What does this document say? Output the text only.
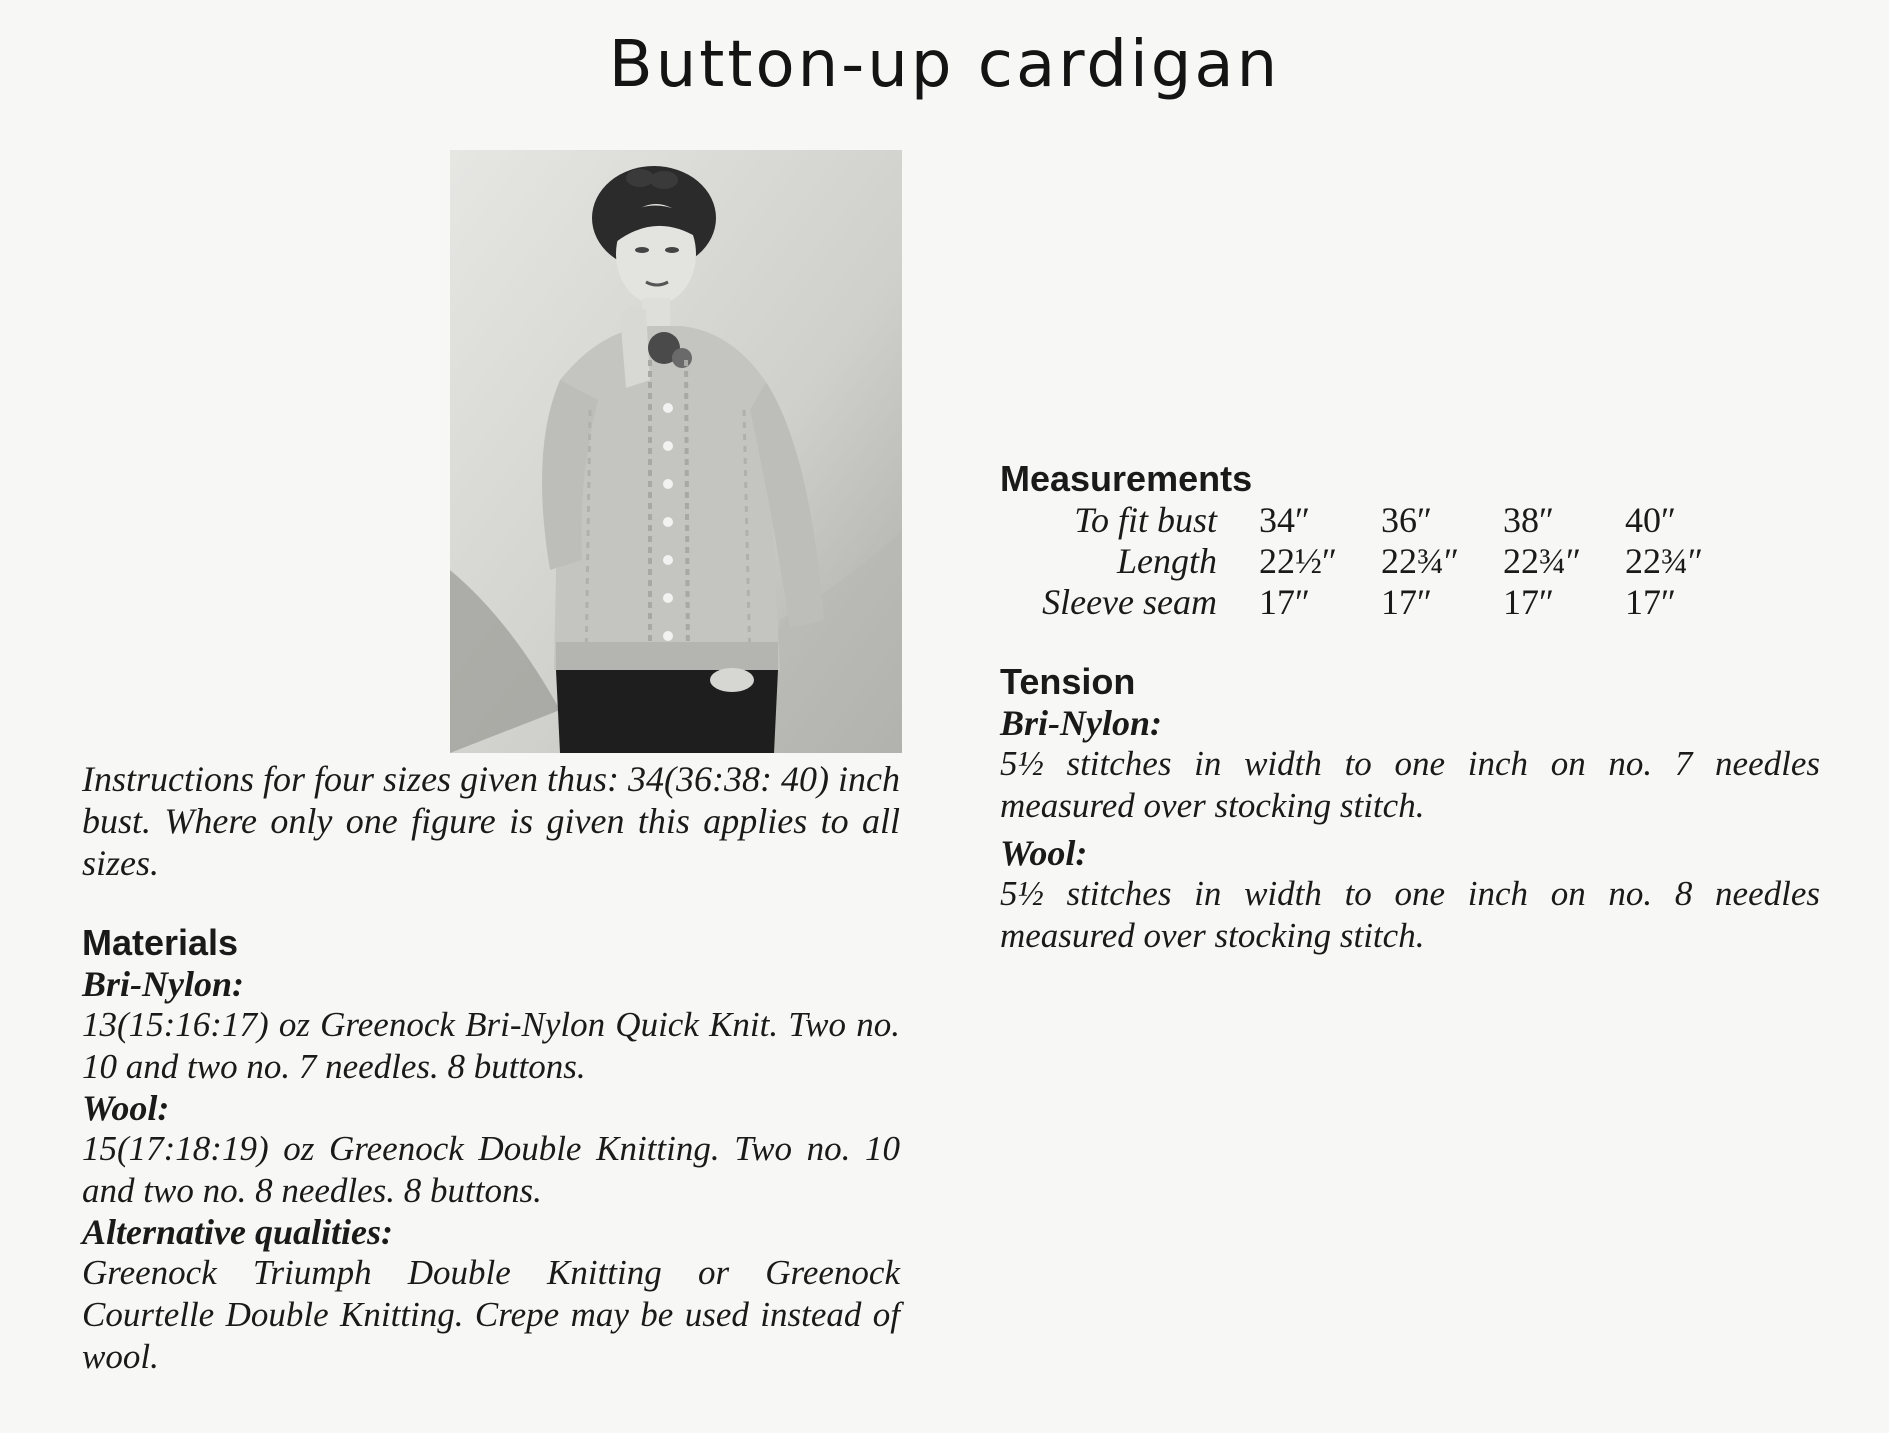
Button-up cardigan

Instructions for four sizes given thus: 34(36:38: 40) inch bust. Where only one figure is given this applies to all sizes.

Materials

Bri-Nylon:

13(15:16:17) oz Greenock Bri-Nylon Quick Knit. Two no. 10 and two no. 7 needles. 8 buttons.

Wool:

15(17:18:19) oz Greenock Double Knitting. Two no. 10 and two no. 8 needles. 8 buttons.

Alternative qualities:

Greenock Triumph Double Knitting or Greenock Courtelle Double Knitting. Crepe may be used instead of wool.

Measurements
To fit bust	34″	36″	38″	40″
Length	22½″	22¾″	22¾″	22¾″
Sleeve seam	17″	17″	17″	17″
Tension

Bri-Nylon:

5½ stitches in width to one inch on no. 7 needles measured over stocking stitch.

Wool:

5½ stitches in width to one inch on no. 8 needles measured over stocking stitch.
